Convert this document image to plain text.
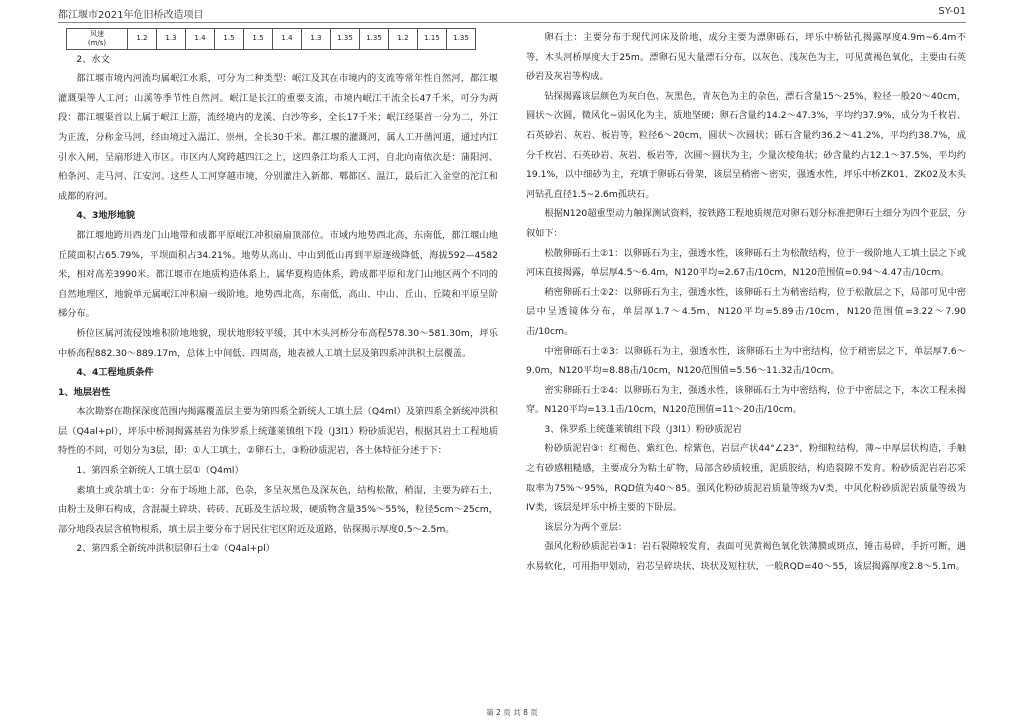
都江堰市2021年危旧桥改造项目	SY-01
风速
(m/s)	1.2	1.3	1.4	1.5	1.5	1.4	1.3	1.35	1.35	1.2	1.15	1.35

2、水文

都江堰市境内河流均属岷江水系，可分为二种类型：岷江及其在市境内的支流等常年性自然河，都江堰灌溉渠等人工河；山溪等季节性自然河。岷江是长江的重要支流，市境内岷江干流全长47千米，可分为两段：都江堰渠首以上属于岷江上游，流经境内的龙溪、白沙等乡，全长17千米；岷江经渠首一分为二，外江为正流，分称金马河，经由境过入温江、崇州，全长30千米。都江堰的灌溉河，属人工开凿河道，通过内江引水入闸，呈扇形进入市区。市区内人窝跨越四江之上，这四条江均系人工河，自北向南依次是：蒲阳河、柏条河、走马河、江安河。这些人工河穿越市境，分别灌注入新都、郫都区、温江，最后汇入金堂的沱江和成都的府河。

4、3地形地貌

都江堰地跨川西龙门山地带和成都平原岷江冲积扇扇顶部位。市域内地势西北高，东南低，都江堰山地丘陵面积占65.79%，平坝面积占34.21%。地势从高山、中山到低山再到平原逐级降低，海拔592—4582米，相对高差3990米。都江堰市在地质构造体系上，属华夏构造体系，跨成都平原和龙门山地区两个不同的自然地理区，地貌单元属岷江冲积扇一级阶地。地势西北高，东南低，高山、中山、丘山、丘陵和平原呈阶梯分布。

桥位区属河流侵蚀堆积阶地地貌，现状地形较平缓，其中木头河桥分布高程578.30～581.30m，坪乐中桥高程882.30～889.17m，总体上中间低、四周高，地表被人工填土层及第四系冲洪积土层覆盖。

4、4工程地质条件

1、地层岩性

本次勘察在勘探深度范围内揭露覆盖层主要为第四系全新统人工填土层（Q4ml）及第四系全新统冲洪积层（Q4al+pl），坪乐中桥洞揭露基岩为侏罗系上统蓬莱镇组下段（J3l1）粉砂质泥岩，根据其岩土工程地质特性的不同，可划分为3层，即：①人工填土，②卵石土，③粉砂质泥岩，各土体特征分述于下：

1、第四系全新统人工填土层①（Q4ml）

素填土或杂填土①：分布于场地上部，色杂，多呈灰黑色及深灰色，结构松散，稍湿，主要为碎石土，由粉土及卵石构成，含混凝土碎块、砖砖、瓦砾及生活垃圾，硬质物含量35%～55%，粒径5cm～25cm，部分地段表层含植物根系，填土层主要分布于居民住宅区附近及道路，钻探揭示厚度0.5～2.5m。

2、第四系全新统冲洪积层卵石土②（Q4al+pl）

卵石土：主要分布于现代河床及阶地，成分主要为漂卵砾石，坪乐中桥钻孔揭露厚度4.9m~6.4m不等，木头河桥厚度大于25m。漂卵石见大量漂石分布，以灰色、浅灰色为主，可见黄褐色氧化，主要由石英砂岩及灰岩等构成。

钻探揭露该层颜色为灰白色、灰黑色，青灰色为主的杂色，漂石含量15～25%，粒径一般20～40cm，圆状～次圆，微风化~弱风化为主，质地坚硬；卵石含量约14.2～47.3%，平均约37.9%，成分为千枚岩、石英砂岩、灰岩、板岩等，粒径6～20cm，圆状～次圆状；砾石含量约36.2～41.2%，平均约38.7%，成分千枚岩、石英砂岩、灰岩、板岩等，次圆～圆状为主，少量次棱角状；砂含量约占12.1～37.5%，平均约19.1%，以中细砂为主，充填于卵砾石骨架，该层呈稍密～密实，强透水性，坪乐中桥ZK01、ZK02及木头河钻孔直径1.5~2.6m孤块石。

根据N120超重型动力触探测试资料，按铁路工程地质规范对卵石划分标准把卵石土细分为四个亚层，分叙如下：

松散卵砾石土②1：以卵砾石为主，强透水性，该卵砾石土为松散结构，位于一级阶地人工填土层之下或河床直接揭露，单层厚4.5～6.4m，N120平均=2.67击/10cm，N120范围值=0.94～4.47击/10cm。

稍密卵砾石土②2：以卵砾石为主，强透水性，该卵砾石土为稍密结构，位于松散层之下，局部可见中密层中呈透镜体分布，单层厚1.7～4.5m，N120平均=5.89击/10cm，N120范围值=3.22～7.90击/10cm。

中密卵砾石土②3：以卵砾石为主，强透水性，该卵砾石土为中密结构，位于稍密层之下，单层厚7.6～9.0m，N120平均=8.88击/10cm，N120范围值=5.56～11.32击/10cm。

密实卵砾石土②4：以卵砾石为主，强透水性，该卵砾石土为中密结构，位于中密层之下，本次工程未揭穿。N120平均=13.1击/10cm，N120范围值=11～20击/10cm。

3、侏罗系上统蓬莱镇组下段（J3l1）粉砂质泥岩

粉砂质泥岩③：红褐色、紫红色、棕紫色，岩层产状44°∠23°，粉细粒结构，薄~中厚层状构造，手触之有砂感粗糙感，主要成分为粘土矿物，局部含砂质较重，泥质胶结，构造裂隙不发育。粉砂质泥岩岩芯采取率为75%～95%，RQD值为40～85。强风化粉砂质泥岩质量等级为V类，中风化粉砂质泥岩质量等级为IV类，该层是坪乐中桥主要的下卧层。

该层分为两个亚层：

强风化粉砂质泥岩③1：岩石裂隙较发育，表面可见黄褐色氧化铁薄膜或斑点，锤击易碎，手折可断，遇水易软化，可用指甲划动，岩芯呈碎块状、块状及短柱状，一般RQD=40～55，该层揭露厚度2.8～5.1m。

第 2 页 共 8 页
